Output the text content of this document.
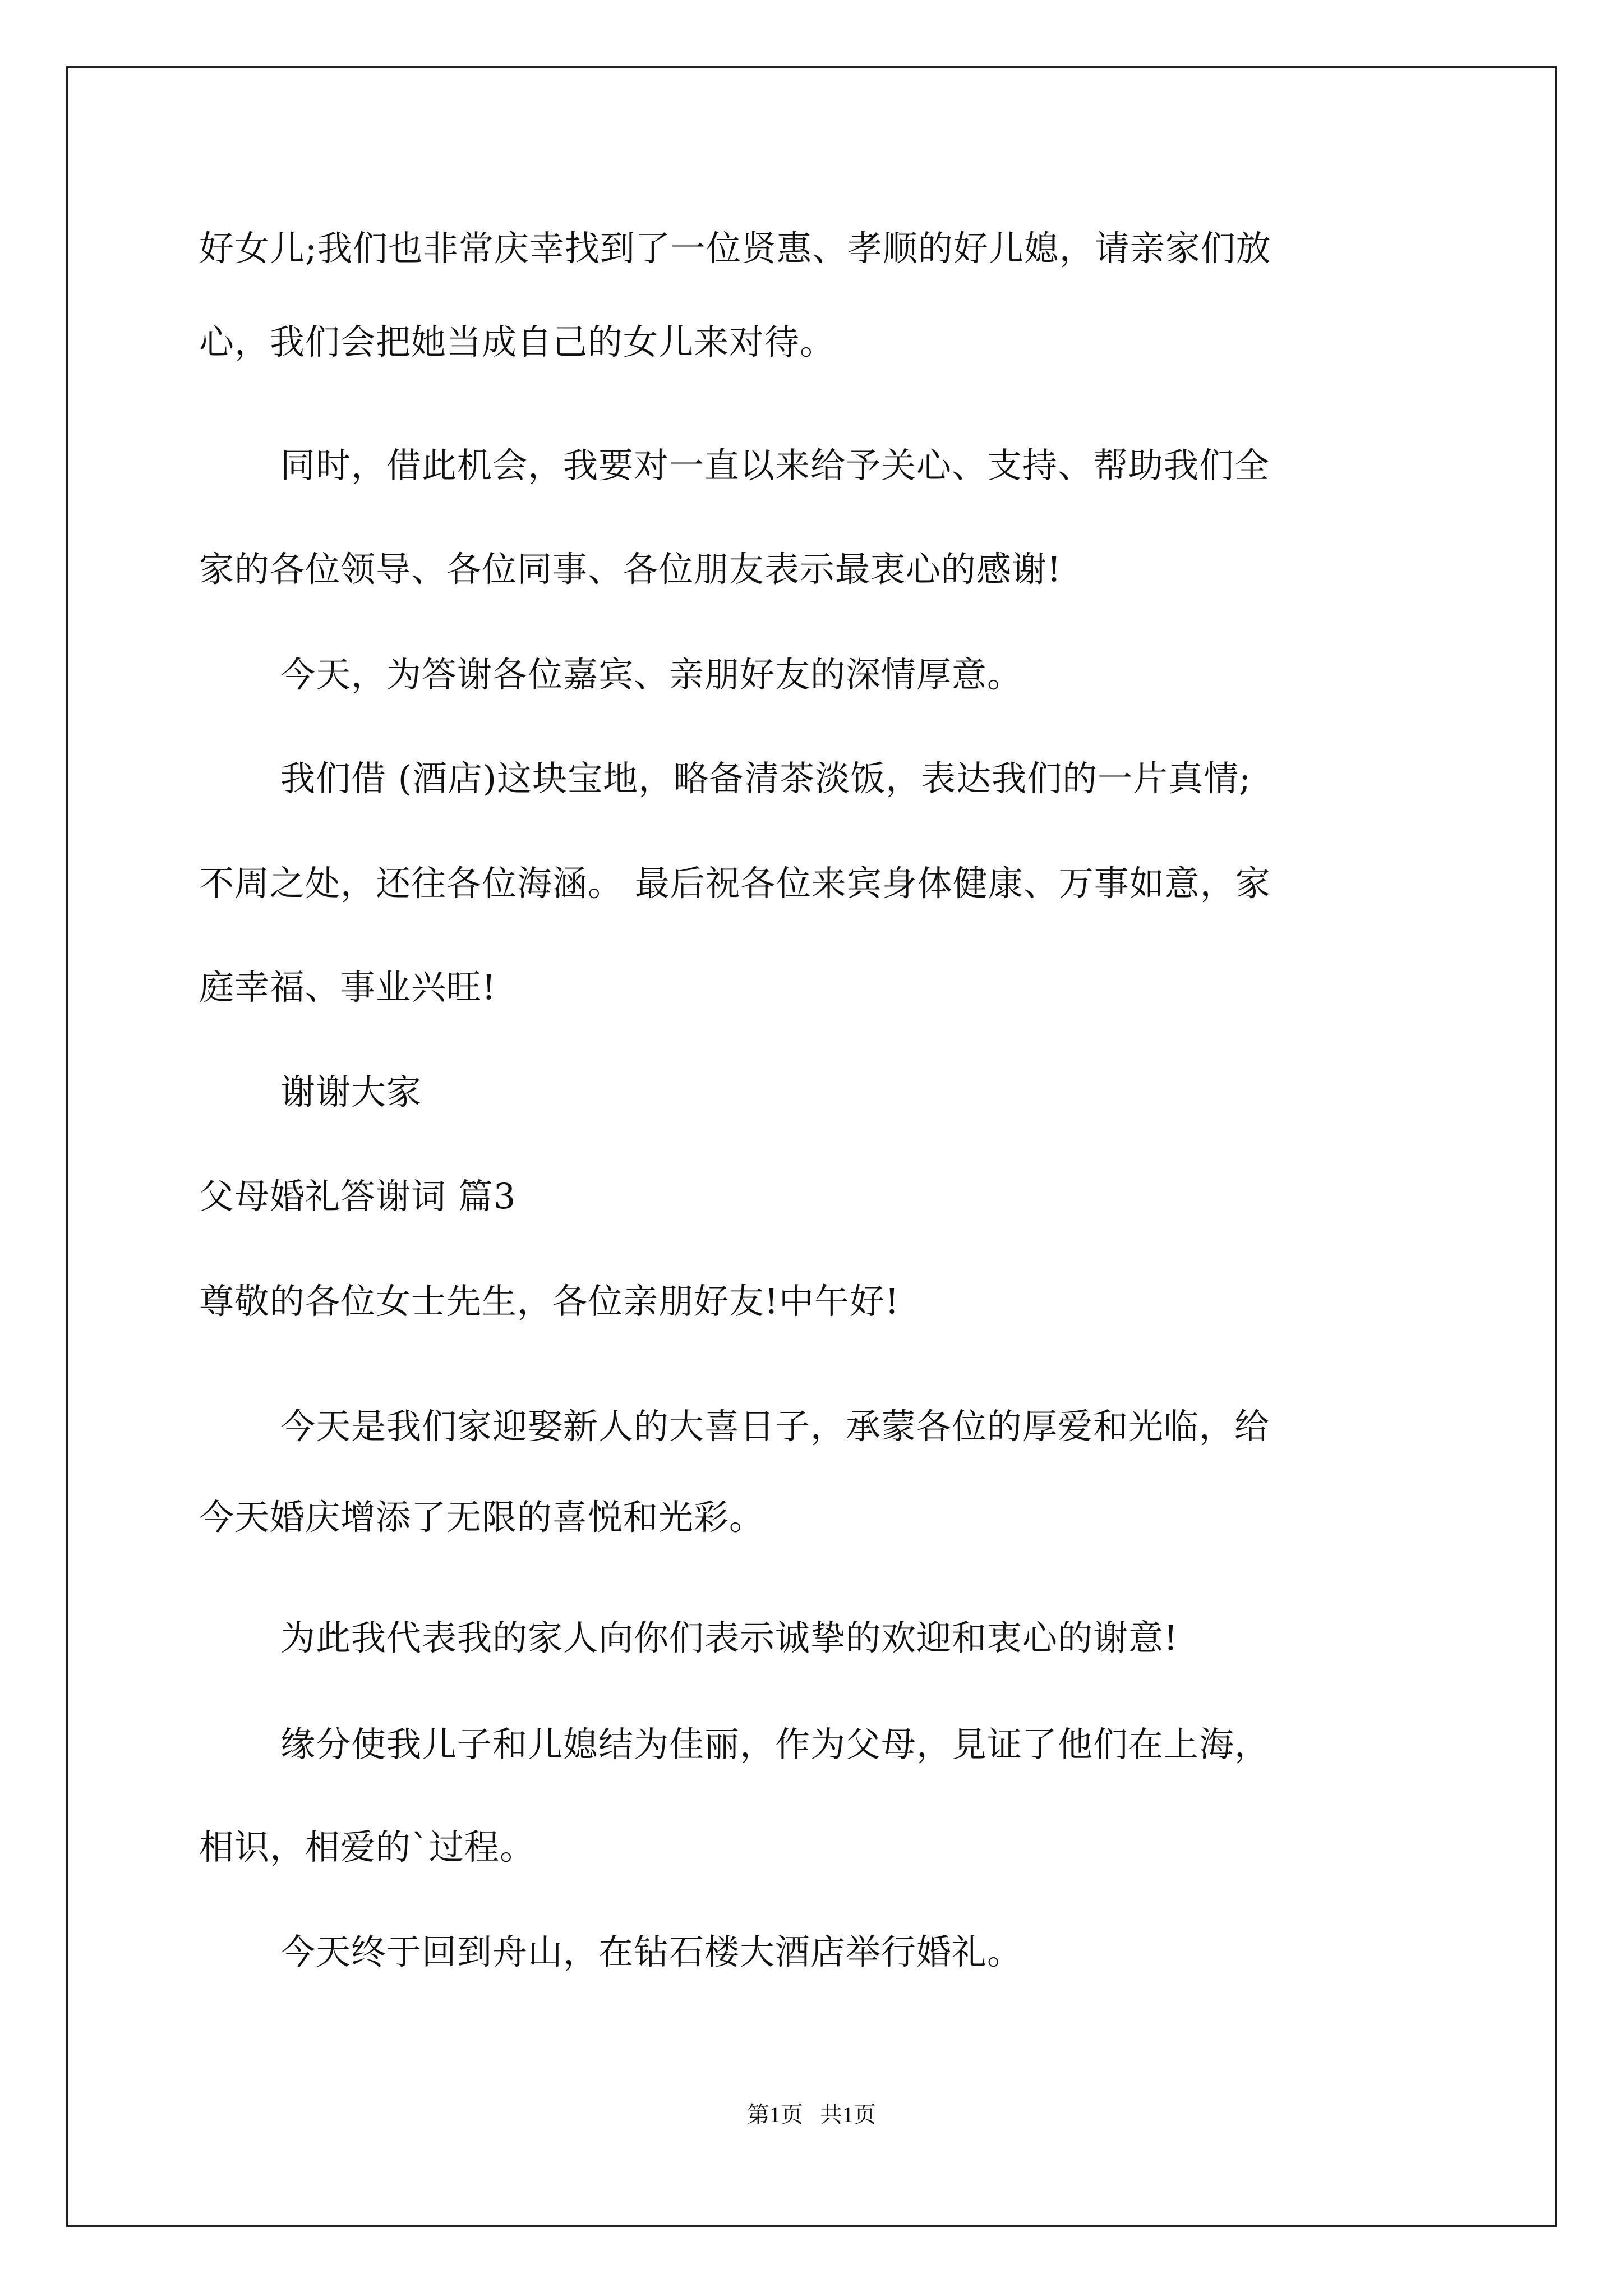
好女儿;我们也非常庆幸找到了一位贤惠、孝顺的好儿媳，请亲家们放
心，我们会把她当成自己的女儿来对待。
同时，借此机会，我要对一直以来给予关心、支持、帮助我们全
家的各位领导、各位同事、各位朋友表示最衷心的感谢!
今天，为答谢各位嘉宾、亲朋好友的深情厚意。
我们借 (酒店)这块宝地，略备清茶淡饭，表达我们的一片真情;
不周之处，还往各位海涵。 最后祝各位来宾身体健康、万事如意，家
庭幸福、事业兴旺!
谢谢大家
父母婚礼答谢词 篇3
尊敬的各位女士先生，各位亲朋好友!中午好!
今天是我们家迎娶新人的大喜日子，承蒙各位的厚爱和光临，给
今天婚庆增添了无限的喜悦和光彩。
为此我代表我的家人向你们表示诚挚的欢迎和衷心的谢意!
缘分使我儿子和儿媳结为佳丽，作为父母，見证了他们在上海，
相识，相爱的`过程。
今天终于回到舟山，在钻石楼大酒店举行婚礼。
第1页   共1页
